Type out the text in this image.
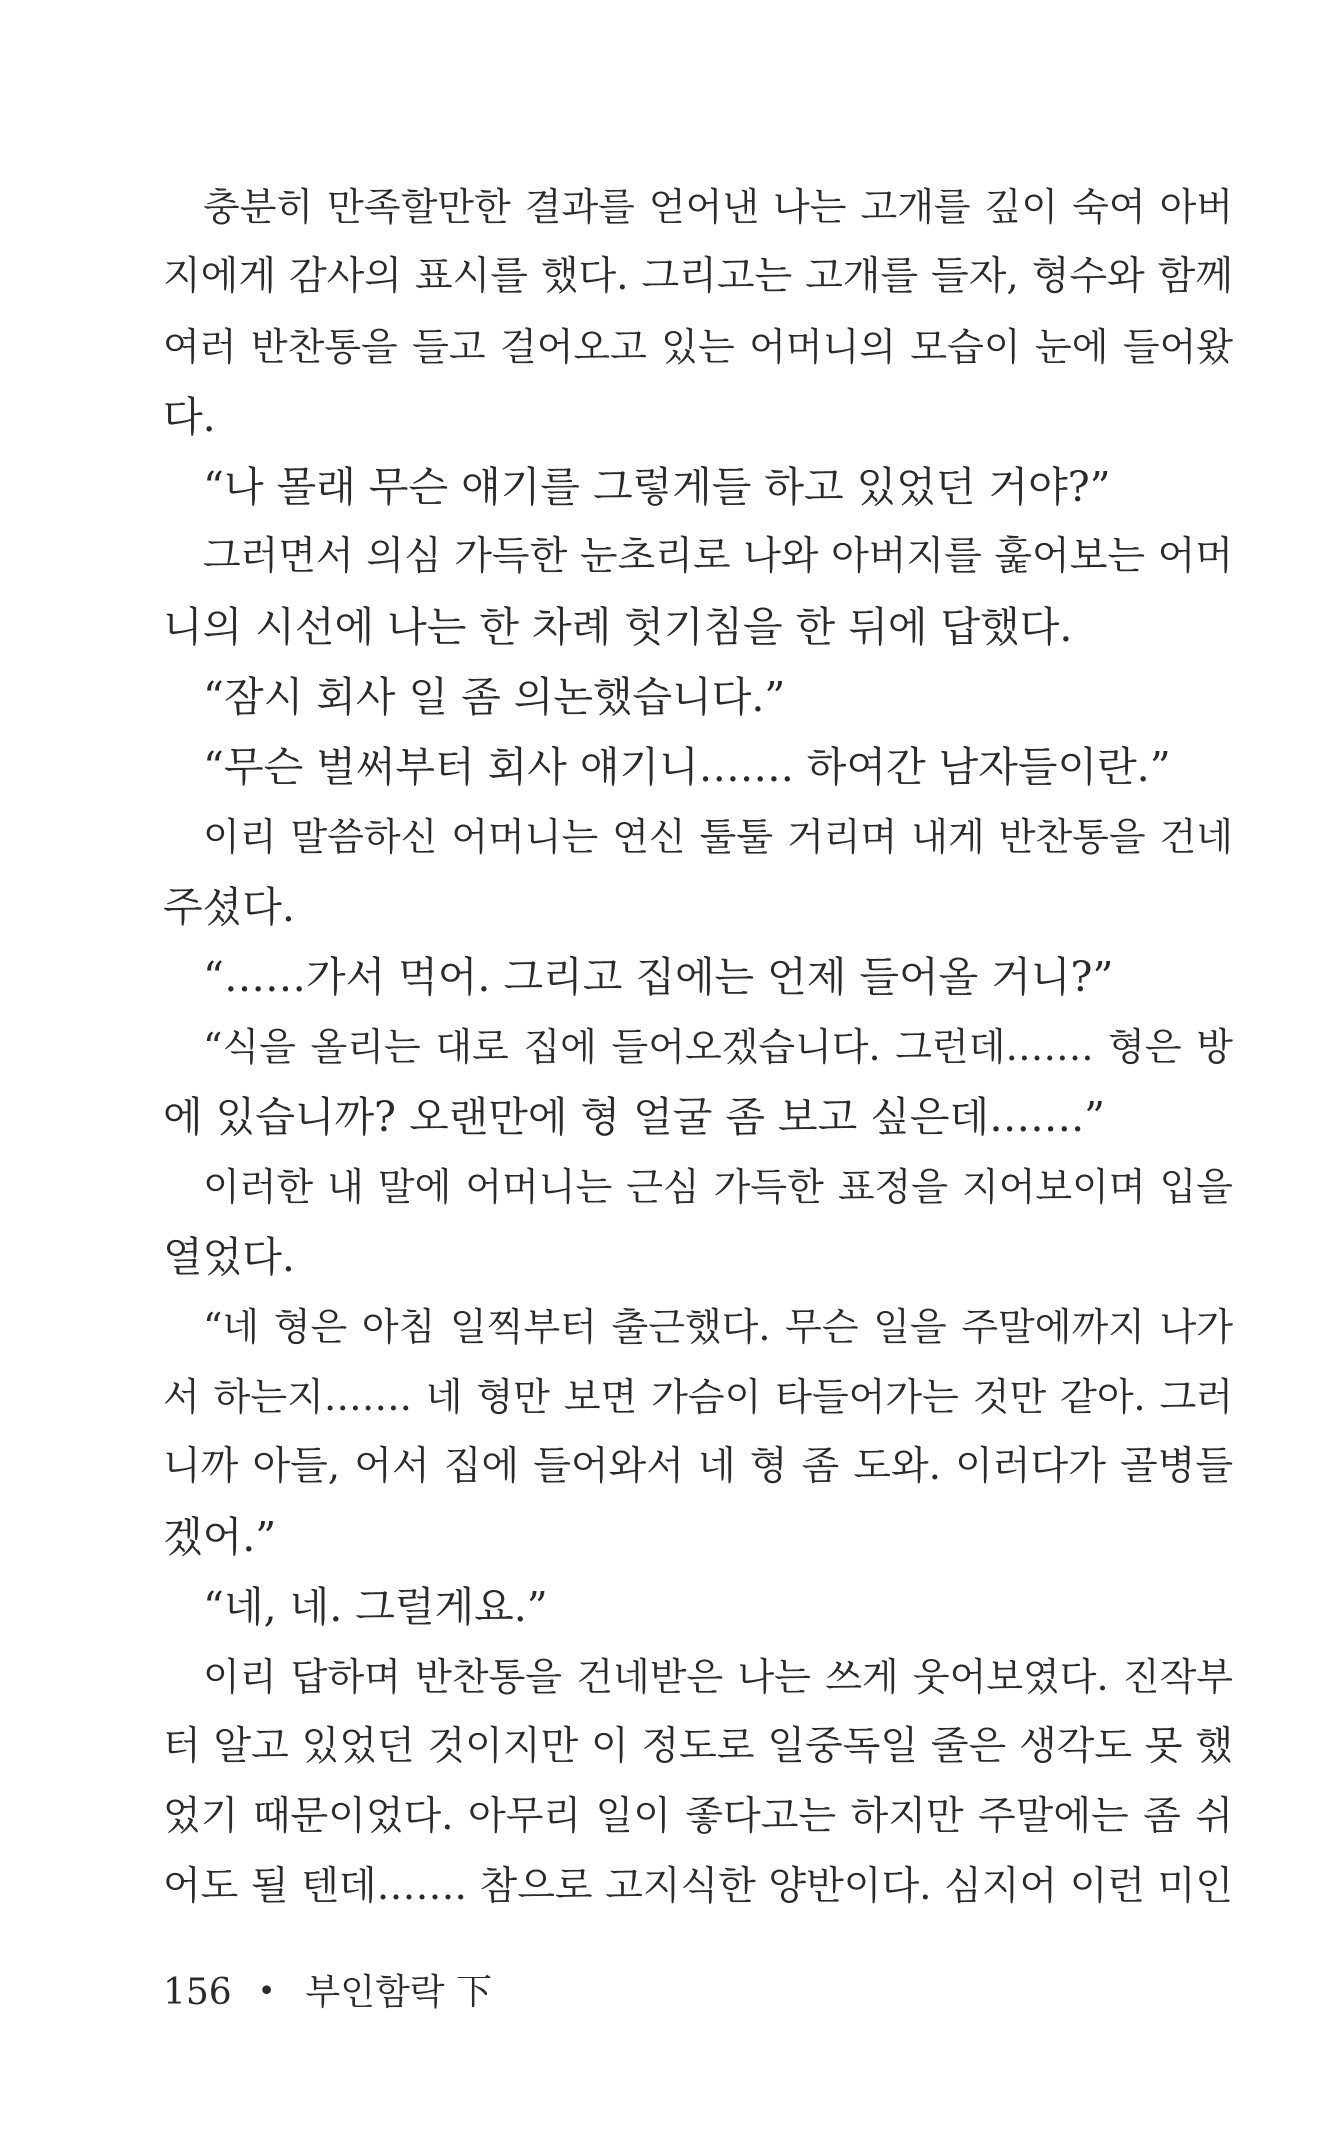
충분히 만족할만한 결과를 얻어낸 나는 고개를 깊이 숙여 아버
지에게 감사의 표시를 했다. 그리고는 고개를 들자, 형수와 함께
여러 반찬통을 들고 걸어오고 있는 어머니의 모습이 눈에 들어왔
다.
“나 몰래 무슨 얘기를 그렇게들 하고 있었던 거야?”
그러면서 의심 가득한 눈초리로 나와 아버지를 훑어보는 어머
니의 시선에 나는 한 차례 헛기침을 한 뒤에 답했다.
“잠시 회사 일 좀 의논했습니다.”
“무슨 벌써부터 회사 얘기니……. 하여간 남자들이란.”
이리 말씀하신 어머니는 연신 툴툴 거리며 내게 반찬통을 건네
주셨다.
“……가서 먹어. 그리고 집에는 언제 들어올 거니?”
“식을 올리는 대로 집에 들어오겠습니다. 그런데……. 형은 방
에 있습니까? 오랜만에 형 얼굴 좀 보고 싶은데…….”
이러한 내 말에 어머니는 근심 가득한 표정을 지어보이며 입을
열었다.
“네 형은 아침 일찍부터 출근했다. 무슨 일을 주말에까지 나가
서 하는지……. 네 형만 보면 가슴이 타들어가는 것만 같아. 그러
니까 아들, 어서 집에 들어와서 네 형 좀 도와. 이러다가 골병들
겠어.”
“네, 네. 그럴게요.”
이리 답하며 반찬통을 건네받은 나는 쓰게 웃어보였다. 진작부
터 알고 있었던 것이지만 이 정도로 일중독일 줄은 생각도 못 했
었기 때문이었다. 아무리 일이 좋다고는 하지만 주말에는 좀 쉬
어도 될 텐데……. 참으로 고지식한 양반이다. 심지어 이런 미인
156 • 부인함락 下
